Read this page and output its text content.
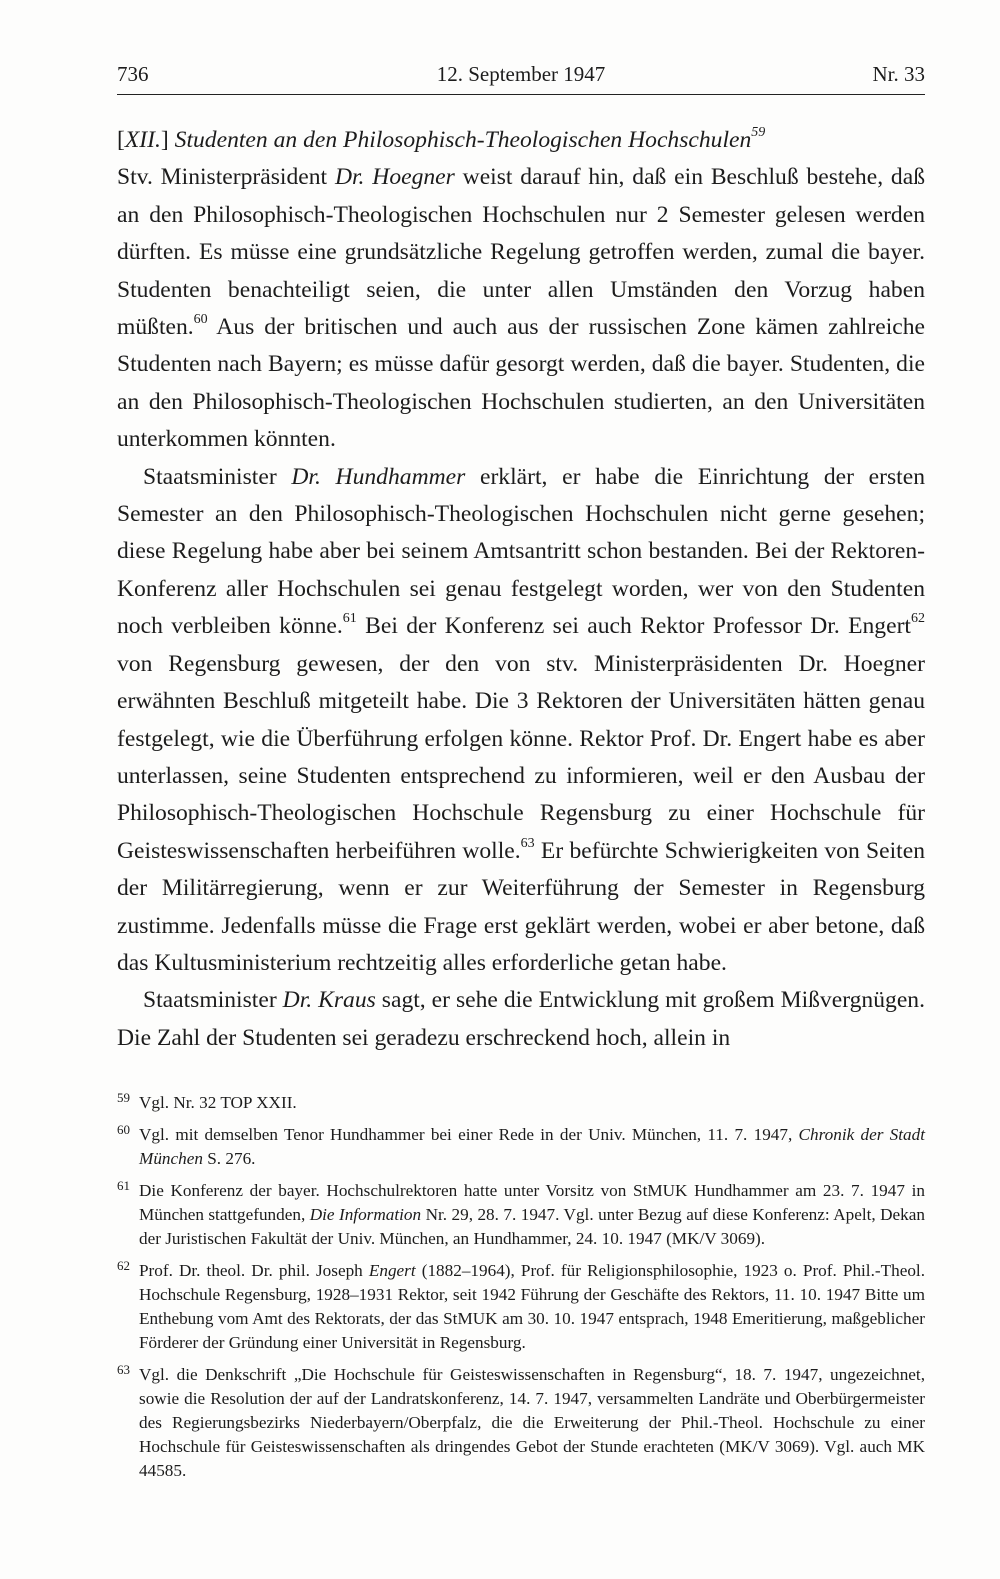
736	12. September 1947	Nr. 33

[XII.] Studenten an den Philosophisch-Theologischen Hochschulen$^{59}$

Stv. Ministerpräsident Dr. Hoegner weist darauf hin, daß ein Beschluß bestehe, daß an den Philosophisch-Theologischen Hochschulen nur 2 Semester gelesen werden dürften. Es müsse eine grundsätzliche Regelung getroffen werden, zumal die bayer. Studenten benachteiligt seien, die unter allen Umständen den Vorzug haben müßten.$^{60}$ Aus der britischen und auch aus der russischen Zone kämen zahlreiche Studenten nach Bayern; es müsse dafür gesorgt werden, daß die bayer. Studenten, die an den Philosophisch-Theologischen Hochschulen studierten, an den Universitäten unterkommen könnten.

Staatsminister Dr. Hundhammer erklärt, er habe die Einrichtung der ersten Semester an den Philosophisch-Theologischen Hochschulen nicht gerne gesehen; diese Regelung habe aber bei seinem Amtsantritt schon bestanden. Bei der Rektoren-Konferenz aller Hochschulen sei genau festgelegt worden, wer von den Studenten noch verbleiben könne.$^{61}$ Bei der Konferenz sei auch Rektor Professor Dr. Engert$^{62}$ von Regensburg gewesen, der den von stv. Ministerpräsidenten Dr. Hoegner erwähnten Beschluß mitgeteilt habe. Die 3 Rektoren der Universitäten hätten genau festgelegt, wie die Überführung erfolgen könne. Rektor Prof. Dr. Engert habe es aber unterlassen, seine Studenten entsprechend zu informieren, weil er den Ausbau der Philosophisch-Theologischen Hochschule Regensburg zu einer Hochschule für Geisteswissenschaften herbeiführen wolle.$^{63}$ Er befürchte Schwierigkeiten von Seiten der Militärregierung, wenn er zur Weiterführung der Semester in Regensburg zustimme. Jedenfalls müsse die Frage erst geklärt werden, wobei er aber betone, daß das Kultusministerium rechtzeitig alles erforderliche getan habe.

Staatsminister Dr. Kraus sagt, er sehe die Entwicklung mit großem Mißvergnügen. Die Zahl der Studenten sei geradezu erschreckend hoch, allein in

59 Vgl. Nr. 32 TOP XXII.

60 Vgl. mit demselben Tenor Hundhammer bei einer Rede in der Univ. München, 11. 7. 1947, Chronik der Stadt München S. 276.

61 Die Konferenz der bayer. Hochschulrektoren hatte unter Vorsitz von StMUK Hundhammer am 23. 7. 1947 in München stattgefunden, Die Information Nr. 29, 28. 7. 1947. Vgl. unter Bezug auf diese Konferenz: Apelt, Dekan der Juristischen Fakultät der Univ. München, an Hundhammer, 24. 10. 1947 (MK/V 3069).

62 Prof. Dr. theol. Dr. phil. Joseph Engert (1882–1964), Prof. für Religionsphilosophie, 1923 o. Prof. Phil.-Theol. Hochschule Regensburg, 1928–1931 Rektor, seit 1942 Führung der Geschäfte des Rektors, 11. 10. 1947 Bitte um Enthebung vom Amt des Rektorats, der das StMUK am 30. 10. 1947 entsprach, 1948 Emeritierung, maßgeblicher Förderer der Gründung einer Universität in Regensburg.

63 Vgl. die Denkschrift „Die Hochschule für Geisteswissenschaften in Regensburg“, 18. 7. 1947, ungezeichnet, sowie die Resolution der auf der Landratskonferenz, 14. 7. 1947, versammelten Landräte und Oberbürgermeister des Regierungsbezirks Niederbayern/Oberpfalz, die die Erweiterung der Phil.-Theol. Hochschule zu einer Hochschule für Geisteswissenschaften als dringendes Gebot der Stunde erachteten (MK/V 3069). Vgl. auch MK 44585.
